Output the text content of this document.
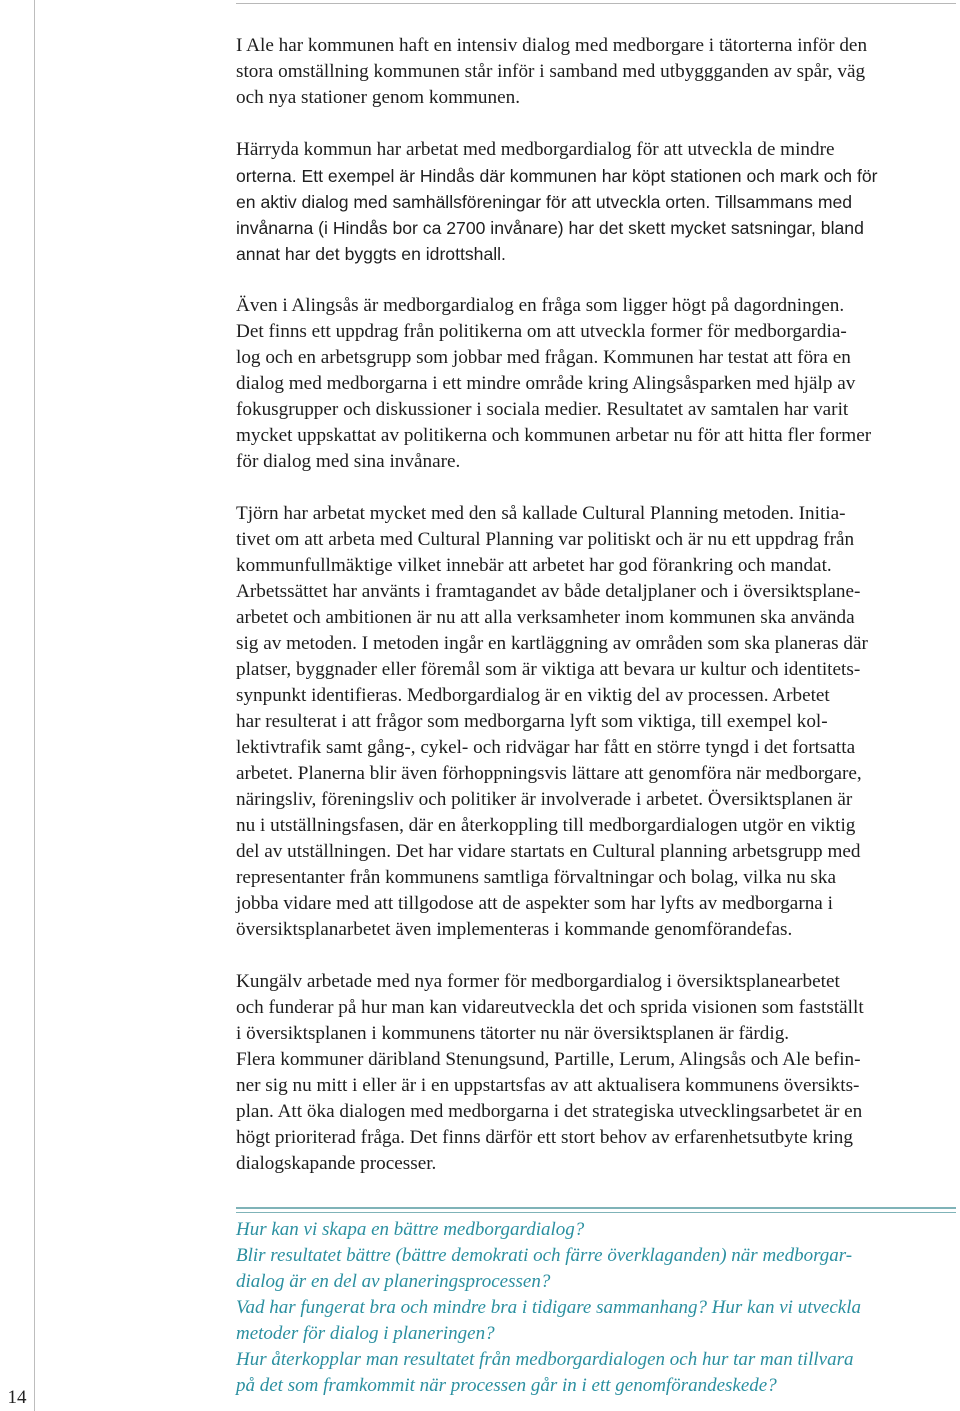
I Ale har kommunen haft en intensiv dialog med medborgare i tätorterna inför den
stora omställning kommunen står inför i samband med utbyggganden av spår, väg
och nya stationer genom kommunen.

Härryda kommun har arbetat med medborgardialog för att utveckla de mindre
orterna. Ett exempel är Hindås där kommunen har köpt stationen och mark och för
en aktiv dialog med samhällsföreningar för att utveckla orten. Tillsammans med
invånarna (i Hindås bor ca 2700 invånare) har det skett mycket satsningar, bland
annat har det byggts en idrottshall.

Även i Alingsås är medborgardialog en fråga som ligger högt på dagordningen.
Det finns ett uppdrag från politikerna om att utveckla former för medborgardia-
log och en arbetsgrupp som jobbar med frågan. Kommunen har testat att föra en
dialog med medborgarna i ett mindre område kring Alingsåsparken med hjälp av
fokusgrupper och diskussioner i sociala medier. Resultatet av samtalen har varit
mycket uppskattat av politikerna och kommunen arbetar nu för att hitta fler former
för dialog med sina invånare.

Tjörn har arbetat mycket med den så kallade Cultural Planning metoden. Initia-
tivet om att arbeta med Cultural Planning var politiskt och är nu ett uppdrag från
kommunfullmäktige vilket innebär att arbetet har god förankring och mandat.
Arbetssättet har använts i framtagandet av både detaljplaner och i översiktsplane-
arbetet och ambitionen är nu att alla verksamheter inom kommunen ska använda
sig av metoden. I metoden ingår en kartläggning av områden som ska planeras där
platser, byggnader eller föremål som är viktiga att bevara ur kultur och identitets-
synpunkt identifieras. Medborgardialog är en viktig del av processen. Arbetet
har resulterat i att frågor som medborgarna lyft som viktiga, till exempel kol-
lektivtrafik samt gång-, cykel- och ridvägar har fått en större tyngd i det fortsatta
arbetet. Planerna blir även förhoppningsvis lättare att genomföra när medborgare,
näringsliv, föreningsliv och politiker är involverade i arbetet. Översiktsplanen är
nu i utställningsfasen, där en återkoppling till medborgardialogen utgör en viktig
del av utställningen. Det har vidare startats en Cultural planning arbetsgrupp med
representanter från kommunens samtliga förvaltningar och bolag, vilka nu ska
jobba vidare med att tillgodose att de aspekter som har lyfts av medborgarna i
översiktsplanarbetet även implementeras i kommande genomförandefas.

Kungälv arbetade med nya former för medborgardialog i översiktsplanearbetet
och funderar på hur man kan vidareutveckla det och sprida visionen som fastställt
i översiktsplanen i kommunens tätorter nu när översiktsplanen är färdig.
Flera kommuner däribland Stenungsund, Partille, Lerum, Alingsås och Ale befin-
ner sig nu mitt i eller är i en uppstartsfas av att aktualisera kommunens översikts-
plan. Att öka dialogen med medborgarna i det strategiska utvecklingsarbetet är en
högt prioriterad fråga. Det finns därför ett stort behov av erfarenhetsutbyte kring
dialogskapande processer.

Hur kan vi skapa en bättre medborgardialog?
Blir resultatet bättre (bättre demokrati och färre överklaganden) när medborgar-
dialog är en del av planeringsprocessen?
Vad har fungerat bra och mindre bra i tidigare sammanhang? Hur kan vi utveckla
metoder för dialog i planeringen?
Hur återkopplar man resultatet från medborgardialogen och hur tar man tillvara
på det som framkommit när processen går in i ett genomförandeskede?
14
